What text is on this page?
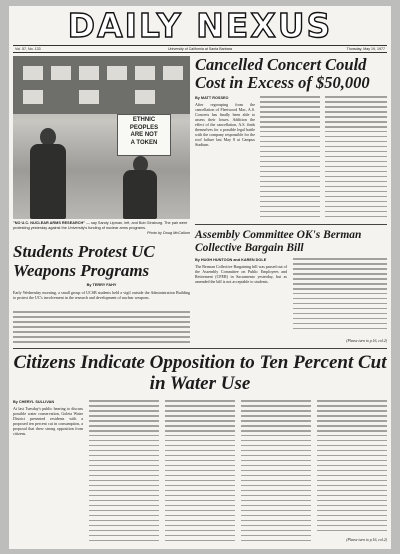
DAILY NEXUS
Vol. 57, No. 133	University of California at Santa Barbara	Thursday, May 19, 1977
ETHNIC
PEOPLES
ARE NOT
A TOKEN
"NO U.C. NUCLEAR ARMS RESEARCH" — say Sandy Lipman, left, and Bob Ginsburg. The pair were protesting yesterday against the University's funding of nuclear arms programs.
Photo by Doug McCallum
Students Protest UC Weapons Programs
By TERRY FAHY
Early Wednesday morning, a small group of UCSB students held a vigil outside the Administration Building to protest the UC's involvement in the research and development of nuclear weapons.
Cancelled Concert Could Cost in Excess of $50,000
By MATT ROSSEO
After regrouping from the cancellation of Fleetwood Mac, A.S. Concerts has finally been able to assess their losses. Addition the effect of the cancellation, A.S. finds themselves for a possible legal battle with the company responsible for the roof failure last May 8 at Campus Stadium.
Assembly Committee OK's Berman Collective Bargain Bill
By HUGH HUNTOON and KAREN DOLE
The Berman Collective Bargaining bill was passed out of the Assembly Committee on Public Employees and Retirement (CPER) in Sacramento yesterday, but as amended the bill is not acceptable to students.
(Please turn to p.16, col.2)
Citizens Indicate Opposition to Ten Percent Cut in Water Use
By CHERYL SULLIVAN
At last Tuesday's public hearing to discuss possible water conservation, Goleta Water District presented residents with a proposed ten percent cut in consumption, a proposal that drew strong opposition from citizens.
(Please turn to p.16, col.2)
